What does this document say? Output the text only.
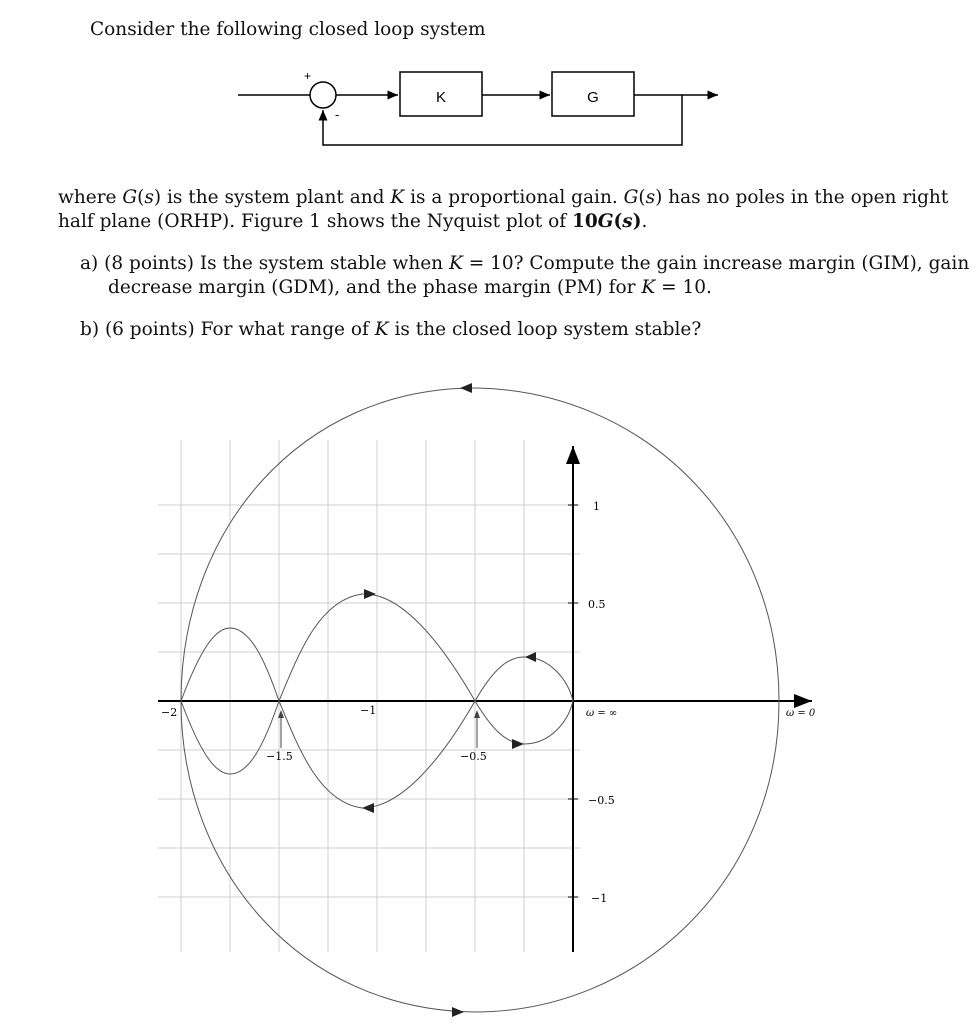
Consider the following closed loop system
+
-
K	G
where G(s) is the system plant and K is a proportional gain. G(s) has no poles in the open right
half plane (ORHP). Figure 1 shows the Nyquist plot of 10G(s).
a) (8 points) Is the system stable when K = 10? Compute the gain increase margin (GIM), gain
decrease margin (GDM), and the phase margin (PM) for K = 10.
b) (6 points) For what range of K is the closed loop system stable?
−2
−1.5
−1
−0.5
1
0.5
−0.5
−1
ω = ∞	ω = 0
